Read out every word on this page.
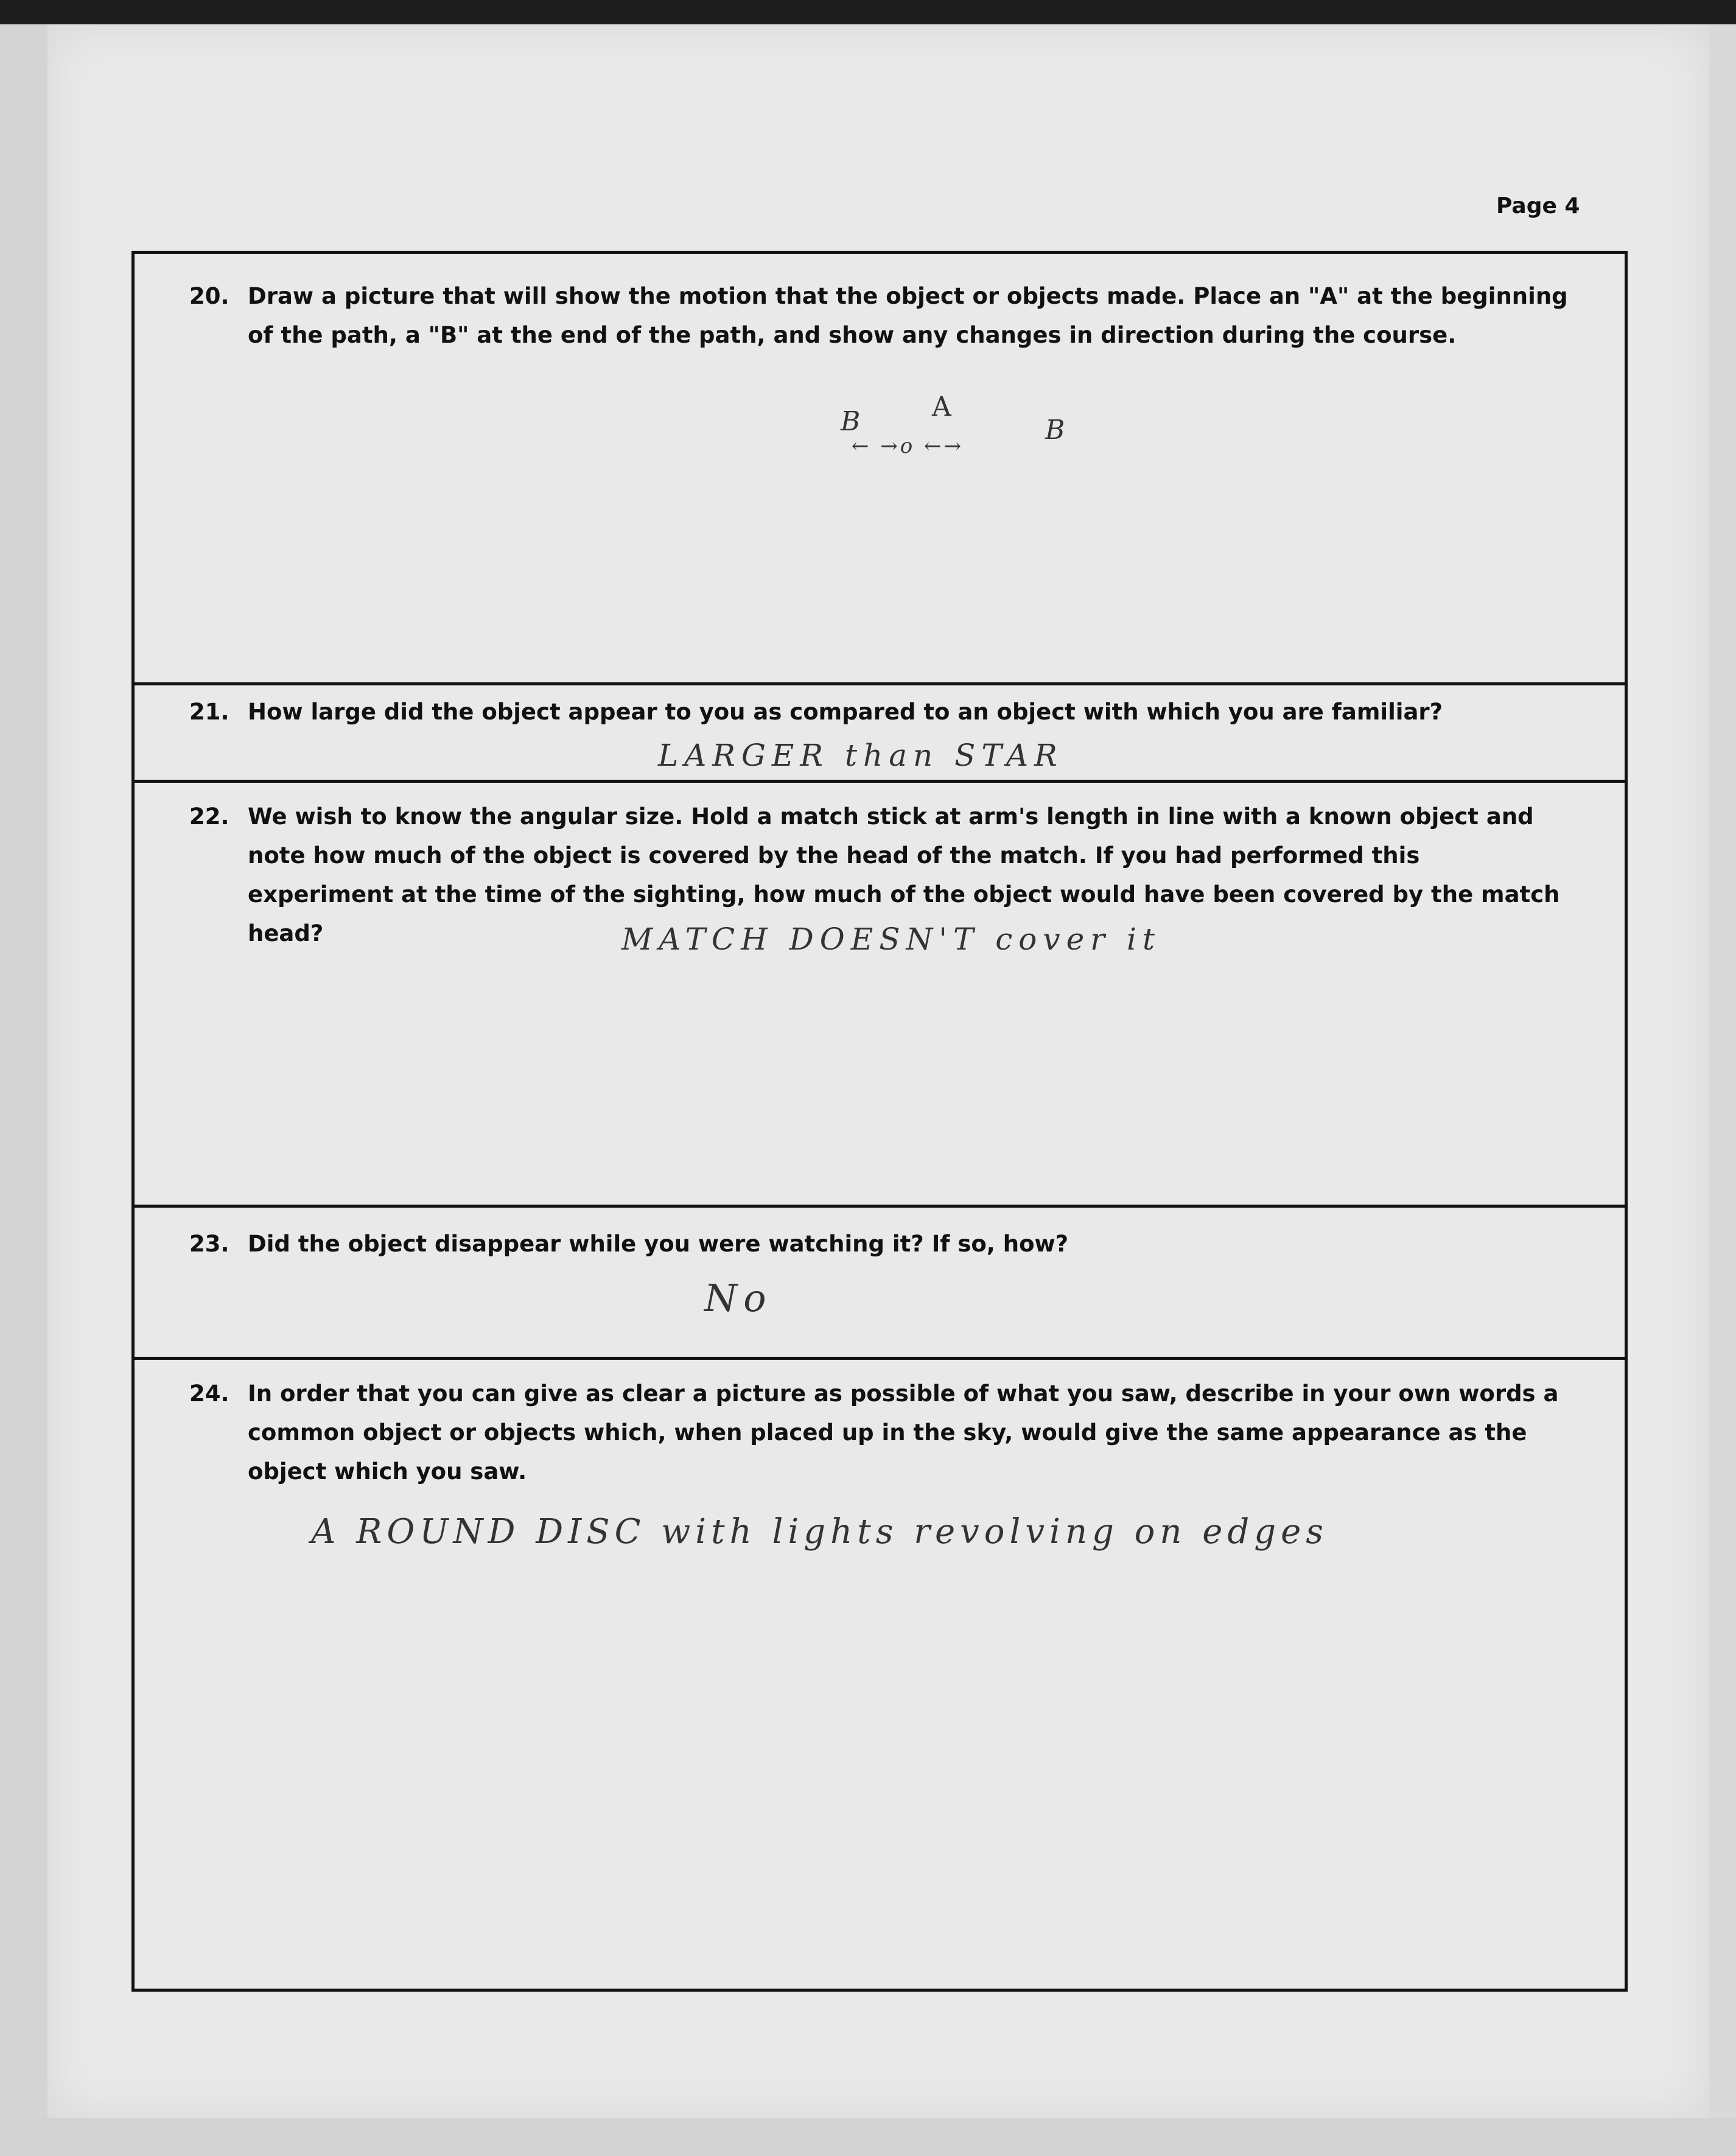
Page 4
20. Draw a picture that will show the motion that the object or objects made. Place an "A" at the beginning of the path, a "B" at the end of the path, and show any changes in direction during the course.
B	A
← →o ←→
B
21. How large did the object appear to you as compared to an object with which you are familiar?
LARGER than STAR
22. We wish to know the angular size. Hold a match stick at arm's length in line with a known object and note how much of the object is covered by the head of the match. If you had performed this experiment at the time of the sighting, how much of the object would have been covered by the match head?	MATCH DOESN'T cover it
23. Did the object disappear while you were watching it? If so, how?
No
24. In order that you can give as clear a picture as possible of what you saw, describe in your own words a common object or objects which, when placed up in the sky, would give the same appearance as the object which you saw.
A ROUND DISC with lights revolving on edges
